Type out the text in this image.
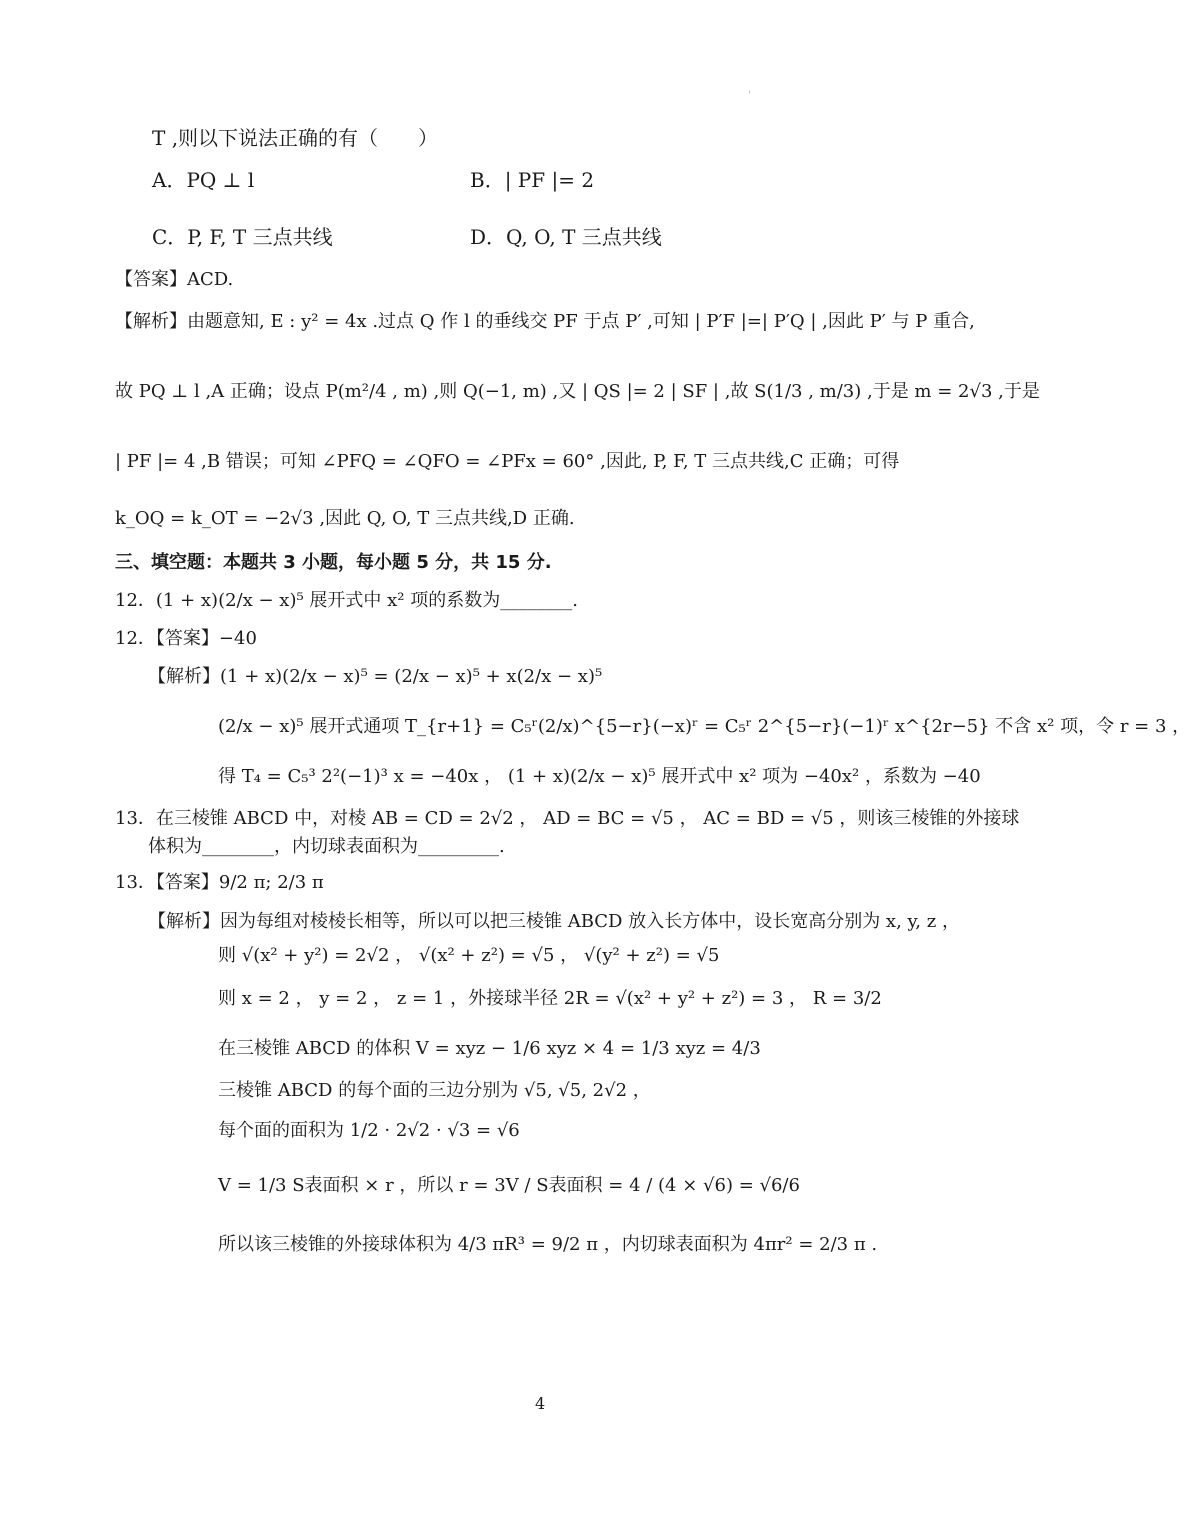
'
T ,则以下说法正确的有（　　）
A．PQ ⊥ l	B．| PF |= 2
C．P, F, T 三点共线	D．Q, O, T 三点共线
【答案】ACD.
【解析】由题意知, E : y² = 4x .过点 Q 作 l 的垂线交 PF 于点 P′ ,可知 | P′F |=| P′Q | ,因此 P′ 与 P 重合,
故 PQ ⊥ l ,A 正确；设点 P(m²/4 , m) ,则 Q(−1, m) ,又 | QS |= 2 | SF | ,故 S(1/3 , m/3) ,于是 m = 2√3 ,于是
| PF |= 4 ,B 错误；可知 ∠PFQ = ∠QFO = ∠PFx = 60° ,因此, P, F, T 三点共线,C 正确；可得
k_OQ = k_OT = −2√3 ,因此 Q, O, T 三点共线,D 正确.
三、填空题：本题共 3 小题，每小题 5 分，共 15 分.
12．(1 + x)(2/x − x)⁵ 展开式中 x² 项的系数为________.
12．【答案】−40
【解析】(1 + x)(2/x − x)⁵ = (2/x − x)⁵ + x(2/x − x)⁵
(2/x − x)⁵ 展开式通项 T_{r+1} = C₅ʳ(2/x)^{5−r}(−x)ʳ = C₅ʳ 2^{5−r}(−1)ʳ x^{2r−5} 不含 x² 项，令 r = 3 ，
得 T₄ = C₅³ 2²(−1)³ x = −40x ， (1 + x)(2/x − x)⁵ 展开式中 x² 项为 −40x² ，系数为 −40
13．在三棱锥 ABCD 中，对棱 AB = CD = 2√2 ， AD = BC = √5 ， AC = BD = √5 ，则该三棱锥的外接球
体积为________，内切球表面积为_________.
13．【答案】9/2 π; 2/3 π
【解析】因为每组对棱棱长相等，所以可以把三棱锥 ABCD 放入长方体中，设长宽高分别为 x, y, z ，
则 √(x² + y²) = 2√2 ， √(x² + z²) = √5 ， √(y² + z²) = √5
则 x = 2 ， y = 2 ， z = 1 ，外接球半径 2R = √(x² + y² + z²) = 3 ， R = 3/2
在三棱锥 ABCD 的体积 V = xyz − 1/6 xyz × 4 = 1/3 xyz = 4/3
三棱锥 ABCD 的每个面的三边分别为 √5, √5, 2√2 ，
每个面的面积为 1/2 · 2√2 · √3 = √6
V = 1/3 S表面积 × r ，所以 r = 3V / S表面积 = 4 / (4 × √6) = √6/6
所以该三棱锥的外接球体积为 4/3 πR³ = 9/2 π ，内切球表面积为 4πr² = 2/3 π .
4
